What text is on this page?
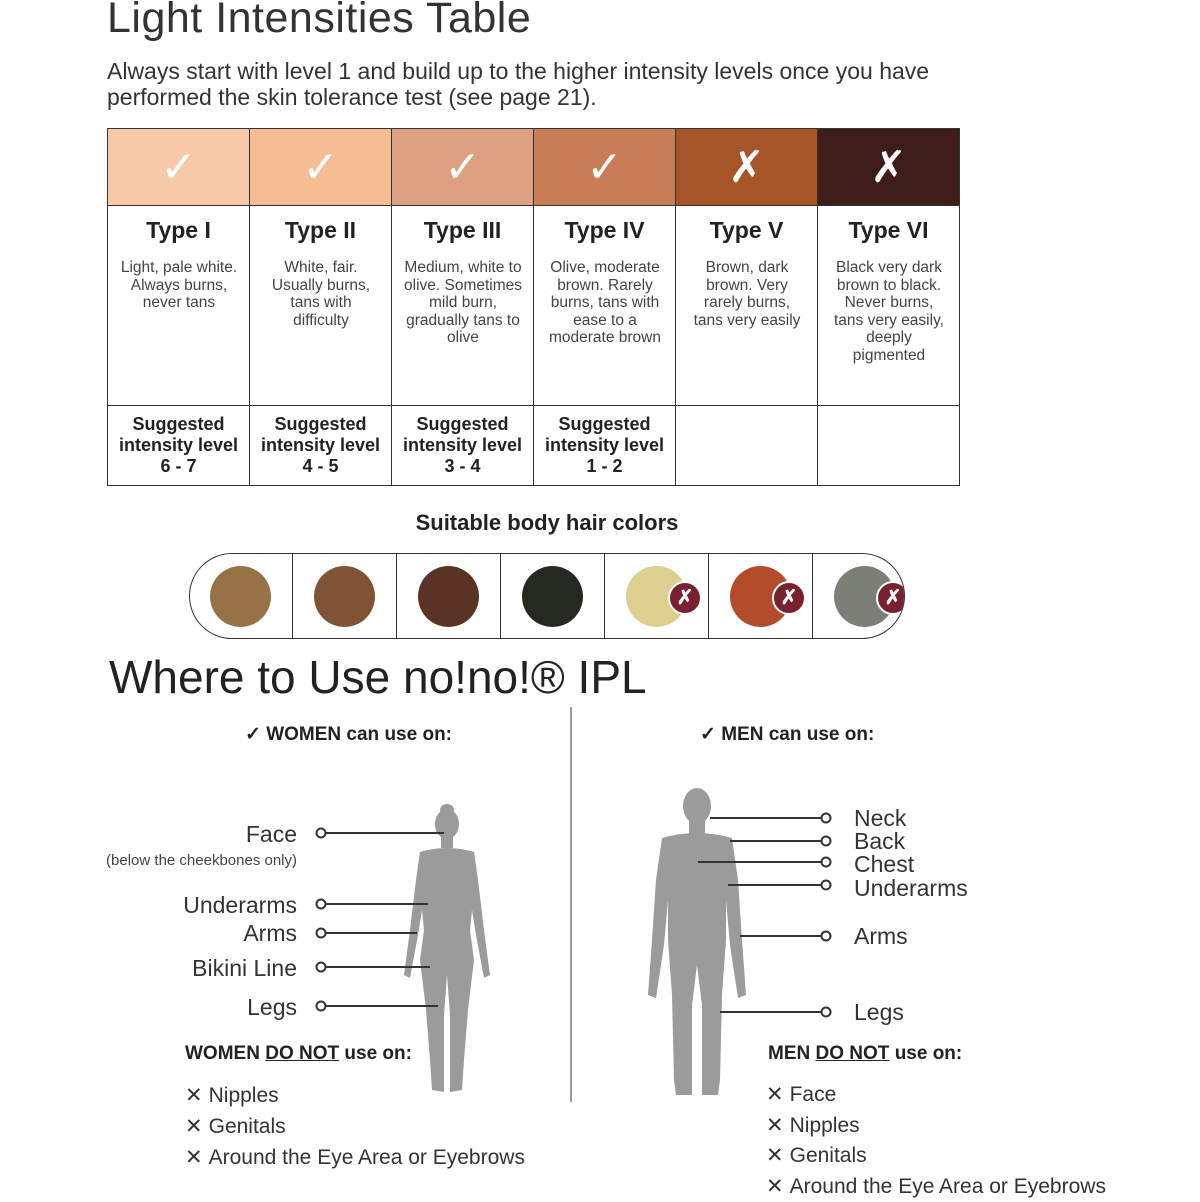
Light Intensities Table
Always start with level 1 and build up to the higher intensity levels once you have performed the skin tolerance test (see page 21).
✓
Type I
Light, pale white. Always burns, never tans
Suggested
intensity level
6 - 7
✓
Type II
White, fair. Usually burns, tans with difficulty
Suggested
intensity level
4 - 5
✓
Type III
Medium, white to olive. Sometimes mild burn, gradually tans to olive
Suggested
intensity level
3 - 4
✓
Type IV
Olive, moderate brown. Rarely burns, tans with ease to a moderate brown
Suggested
intensity level
1 - 2
✗
Type V
Brown, dark brown. Very rarely burns, tans very easily
✗
Type VI
Black very dark brown to black. Never burns, tans very easily, deeply pigmented
Suitable body hair colors
✗	✗	✗
Where to Use no!no!® IPL
✓ WOMEN can use on:
Face
(below the cheekbones only)
Underarms
Arms
Bikini Line
Legs
WOMEN DO NOT use on:
✕ Nipples
✕ Genitals
✕ Around the Eye Area or Eyebrows
✓ MEN can use on:
Neck
Back
Chest
Underarms
Arms
Legs
MEN DO NOT use on:
✕ Face
✕ Nipples
✕ Genitals
✕ Around the Eye Area or Eyebrows
